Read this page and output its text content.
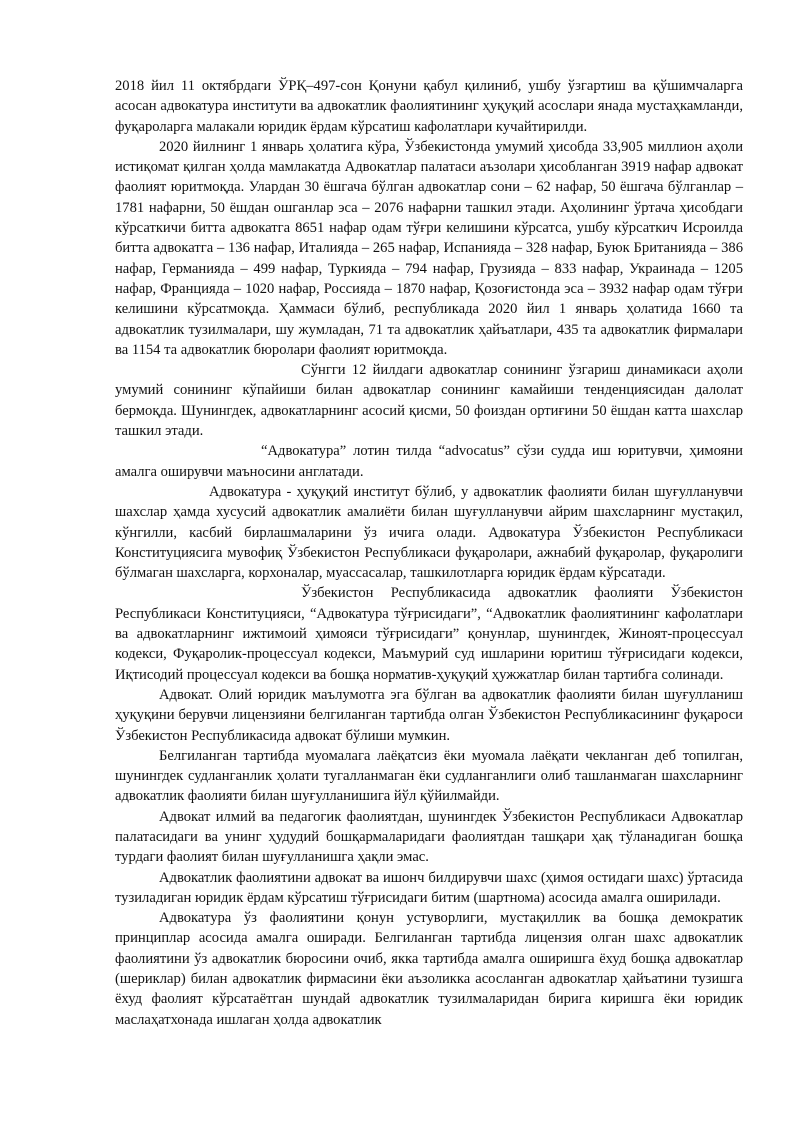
2018 йил 11 октябрдаги ЎРҚ–497-сон Қонуни қабул қилиниб, ушбу ўзгартиш ва қўшимчаларга асосан адвокатура институти ва адвокатлик фаолиятининг ҳуқуқий асослари янада мустаҳкамланди, фуқароларга малакали юридик ёрдам кўрсатиш кафолатлари кучайтирилди.

2020 йилнинг 1 январь ҳолатига кўра, Ўзбекистонда умумий ҳисобда 33,905 миллион аҳоли истиқомат қилган ҳолда мамлакатда Адвокатлар палатаси аъзолари ҳисобланган 3919 нафар адвокат фаолият юритмоқда. Улардан 30 ёшгача бўлган адвокатлар сони – 62 нафар, 50 ёшгача бўлганлар – 1781 нафарни, 50 ёшдан ошганлар эса – 2076 нафарни ташкил этади. Аҳолининг ўртача ҳисобдаги кўрсаткичи битта адвокатга 8651 нафар одам тўғри келишини кўрсатса, ушбу кўрсаткич Исроилда битта адвокатга – 136 нафар, Италияда – 265 нафар, Испанияда – 328 нафар, Буюк Британияда – 386 нафар, Германияда – 499 нафар, Туркияда – 794 нафар, Грузияда – 833 нафар, Украинада – 1205 нафар, Францияда – 1020 нафар, Россияда – 1870 нафар, Қозоғистонда эса – 3932 нафар одам тўғри келишини кўрсатмоқда. Ҳаммаси бўлиб, республикада 2020 йил 1 январь ҳолатида 1660 та адвокатлик тузилмалари, шу жумладан, 71 та адвокатлик ҳайъатлари, 435 та адвокатлик фирмалари ва 1154 та адвокатлик бюролари фаолият юритмоқда.

Сўнгги 12 йилдаги адвокатлар сонининг ўзгариш динамикаси аҳоли умумий сонининг кўпайиши билан адвокатлар сонининг камайиши тенденциясидан далолат бермоқда. Шунингдек, адвокатларнинг асосий қисми, 50 фоиздан ортиғини 50 ёшдан катта шахслар ташкил этади.

“Адвокатура” лотин тилда “advocatus” сўзи судда иш юритувчи, ҳимояни амалга оширувчи маъносини англатади.

Адвокатура - ҳуқуқий институт бўлиб, у адвокатлик фаолияти билан шуғулланувчи шахслар ҳамда хусусий адвокатлик амалиёти билан шуғулланувчи айрим шахсларнинг мустақил, кўнгилли, касбий бирлашмаларини ўз ичига олади. Адвокатура Ўзбекистон Республикаси Конституциясига мувофиқ Ўзбекистон Республикаси фуқаролари, ажнабий фуқаролар, фуқаролиги бўлмаган шахсларга, корхоналар, муассасалар, ташкилотларга юридик ёрдам кўрсатади.

Ўзбекистон Республикасида адвокатлик фаолияти Ўзбекистон Республикаси Конституцияси, “Адвокатура тўғрисидаги”, “Адвокатлик фаолиятининг кафолатлари ва адвокатларнинг ижтимоий ҳимояси тўғрисидаги” қонунлар, шунингдек, Жиноят-процессуал кодекси, Фуқаролик-процессуал кодекси, Маъмурий суд ишларини юритиш тўғрисидаги кодекси, Иқтисодий процессуал кодекси ва бошқа норматив-ҳуқуқий ҳужжатлар билан тартибга солинади.

Адвокат. Олий юридик маълумотга эга бўлган ва адвокатлик фаолияти билан шуғулланиш ҳуқуқини берувчи лицензияни белгиланган тартибда олган Ўзбекистон Республикасининг фуқароси Ўзбекистон Республикасида адвокат бўлиши мумкин.

Белгиланган тартибда муомалага лаёқатсиз ёки муомала лаёқати чекланган деб топилган, шунингдек судланганлик ҳолати тугалланмаган ёки судланганлиги олиб ташланмаган шахсларнинг адвокатлик фаолияти билан шуғулланишига йўл қўйилмайди.

Адвокат илмий ва педагогик фаолиятдан, шунингдек Ўзбекистон Республикаси Адвокатлар палатасидаги ва унинг ҳудудий бошқармаларидаги фаолиятдан ташқари ҳақ тўланадиган бошқа турдаги фаолият билан шуғулланишга ҳақли эмас.

Адвокатлик фаолиятини адвокат ва ишонч билдирувчи шахс (ҳимоя остидаги шахс) ўртасида тузиладиган юридик ёрдам кўрсатиш тўғрисидаги битим (шартнома) асосида амалга оширилади.

Адвокатура ўз фаолиятини қонун устуворлиги, мустақиллик ва бошқа демократик принциплар асосида амалга оширади. Белгиланган тартибда лицензия олган шахс адвокатлик фаолиятини ўз адвокатлик бюросини очиб, якка тартибда амалга оширишга ёхуд бошқа адвокатлар (шериклар) билан адвокатлик фирмасини ёки аъзоликка асосланган адвокатлар ҳайъатини тузишга ёхуд фаолият кўрсатаётган шундай адвокатлик тузилмаларидан бирига киришга ёки юридик маслаҳатхонада ишлаган ҳолда адвокатлик
